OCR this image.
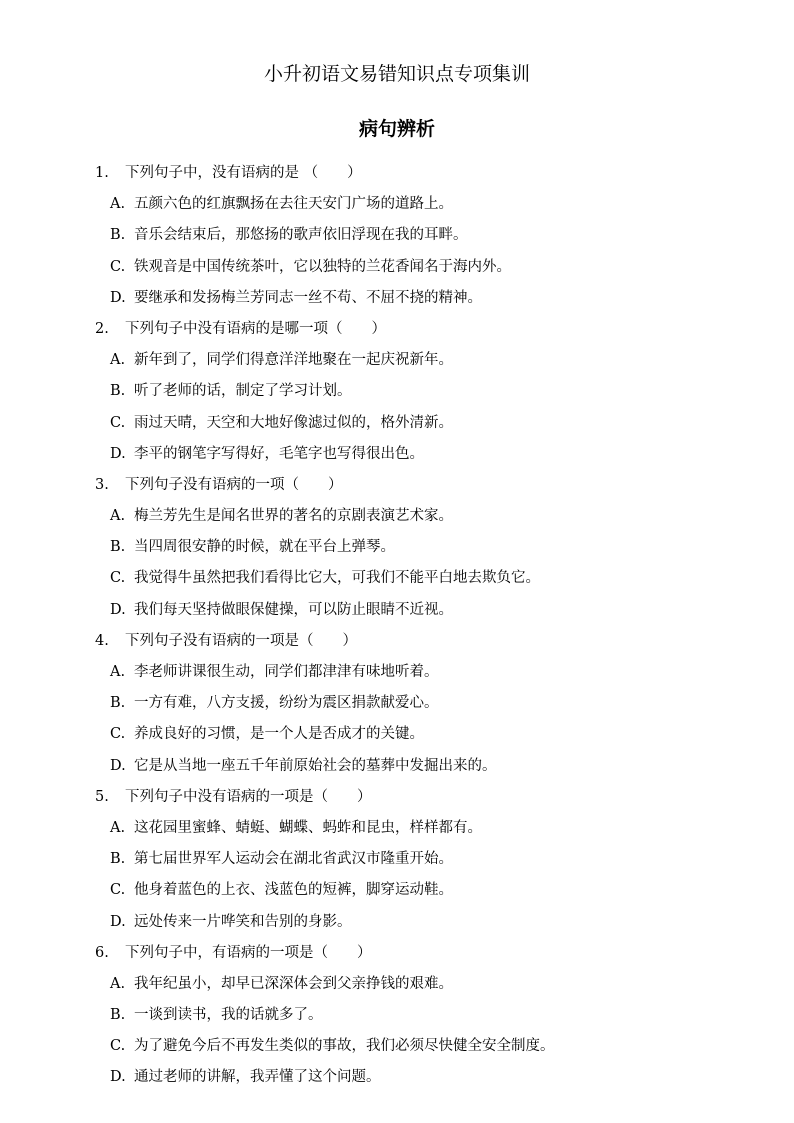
小升初语文易错知识点专项集训
病句辨析
1. 下列句子中，没有语病的是 （　　）
A. 五颜六色的红旗飘扬在去往天安门广场的道路上。
B. 音乐会结束后，那悠扬的歌声依旧浮现在我的耳畔。
C. 铁观音是中国传统茶叶，它以独特的兰花香闻名于海内外。
D. 要继承和发扬梅兰芳同志一丝不苟、不屈不挠的精神。
2. 下列句子中没有语病的是哪一项（　　）
A. 新年到了，同学们得意洋洋地聚在一起庆祝新年。
B. 听了老师的话，制定了学习计划。
C. 雨过天晴，天空和大地好像滤过似的，格外清新。
D. 李平的钢笔字写得好，毛笔字也写得很出色。
3. 下列句子没有语病的一项（　　）
A. 梅兰芳先生是闻名世界的著名的京剧表演艺术家。
B. 当四周很安静的时候，就在平台上弹琴。
C. 我觉得牛虽然把我们看得比它大，可我们不能平白地去欺负它。
D. 我们每天坚持做眼保健操，可以防止眼睛不近视。
4. 下列句子没有语病的一项是（　　）
A. 李老师讲课很生动，同学们都津津有味地听着。
B. 一方有难，八方支援，纷纷为震区捐款献爱心。
C. 养成良好的习惯，是一个人是否成才的关键。
D. 它是从当地一座五千年前原始社会的墓葬中发掘出来的。
5. 下列句子中没有语病的一项是（　　）
A. 这花园里蜜蜂、蜻蜓、蝴蝶、蚂蚱和昆虫，样样都有。
B. 第七届世界军人运动会在湖北省武汉市隆重开始。
C. 他身着蓝色的上衣、浅蓝色的短裤，脚穿运动鞋。
D. 远处传来一片哗笑和告别的身影。
6. 下列句子中，有语病的一项是（　　）
A. 我年纪虽小，却早已深深体会到父亲挣钱的艰难。
B. 一谈到读书，我的话就多了。
C. 为了避免今后不再发生类似的事故，我们必须尽快健全安全制度。
D. 通过老师的讲解，我弄懂了这个问题。
